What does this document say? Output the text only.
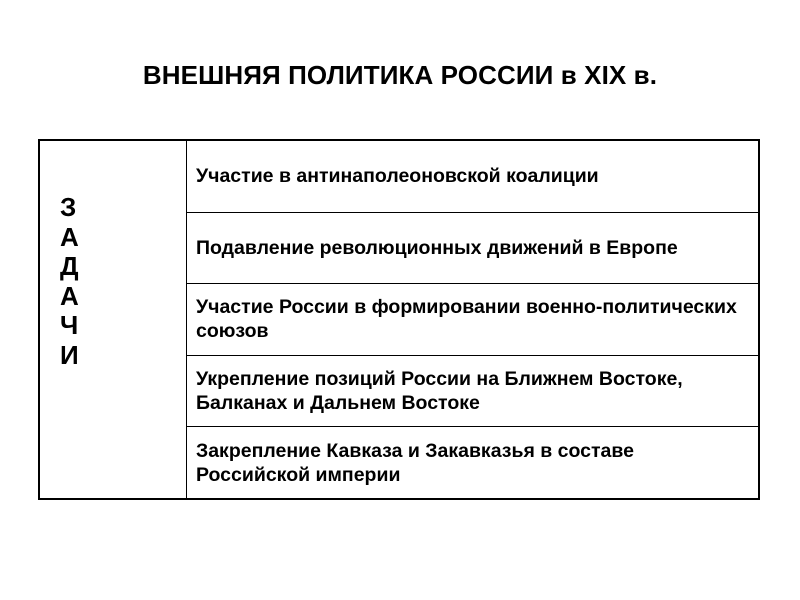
ВНЕШНЯЯ ПОЛИТИКА РОССИИ в XIX в.
З
А
Д
А
Ч
И
Участие в антинаполеоновской коалиции
Подавление революционных движений в Европе
Участие России в формировании военно-политических союзов
Укрепление позиций России на Ближнем Востоке, Балканах и Дальнем Востоке
Закрепление Кавказа и Закавказья в составе Российской империи
